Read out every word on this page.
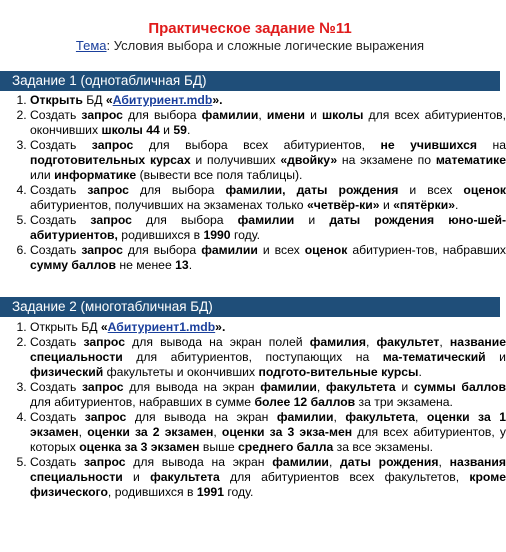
Практическое задание №11
Тема: Условия выбора и сложные логические выражения
Задание 1 (однотабличная БД)
1. Открыть БД «Абитуриент.mdb».
2. Создать запрос для выбора фамилии, имени и школы для всех абитуриентов, окончивших школы 44 и 59.
3. Создать запрос для выбора всех абитуриентов, не учившихся на подготовительных курсах и получивших «двойку» на экзамене по математике или информатике (вывести все поля таблицы).
4. Создать запрос для выбора фамилии, даты рождения и всех оценок абитуриентов, получивших на экзаменах только «четвёр-ки» и «пятёрки».
5. Создать запрос для выбора фамилии и даты рождения юно-шей-абитуриентов, родившихся в 1990 году.
6. Создать запрос для выбора фамилии и всех оценок абитуриен-тов, набравших сумму баллов не менее 13.
Задание 2 (многотабличная БД)
1. Открыть БД «Абитуриент1.mdb».
2. Создать запрос для вывода на экран полей фамилия, факультет, название специальности для абитуриентов, поступающих на ма-тематический и физический факультеты и окончивших подгото-вительные курсы.
3. Создать запрос для вывода на экран фамилии, факультета и суммы баллов для абитуриентов, набравших в сумме более 12 баллов за три экзамена.
4. Создать запрос для вывода на экран фамилии, факультета, оценки за 1 экзамен, оценки за 2 экзамен, оценки за 3 экза-мен для всех абитуриентов, у которых оценка за 3 экзамен выше среднего балла за все экзамены.
5. Создать запрос для вывода на экран фамилии, даты рождения, названия специальности и факультета для абитуриентов всех факультетов, кроме физического, родившихся в 1991 году.
